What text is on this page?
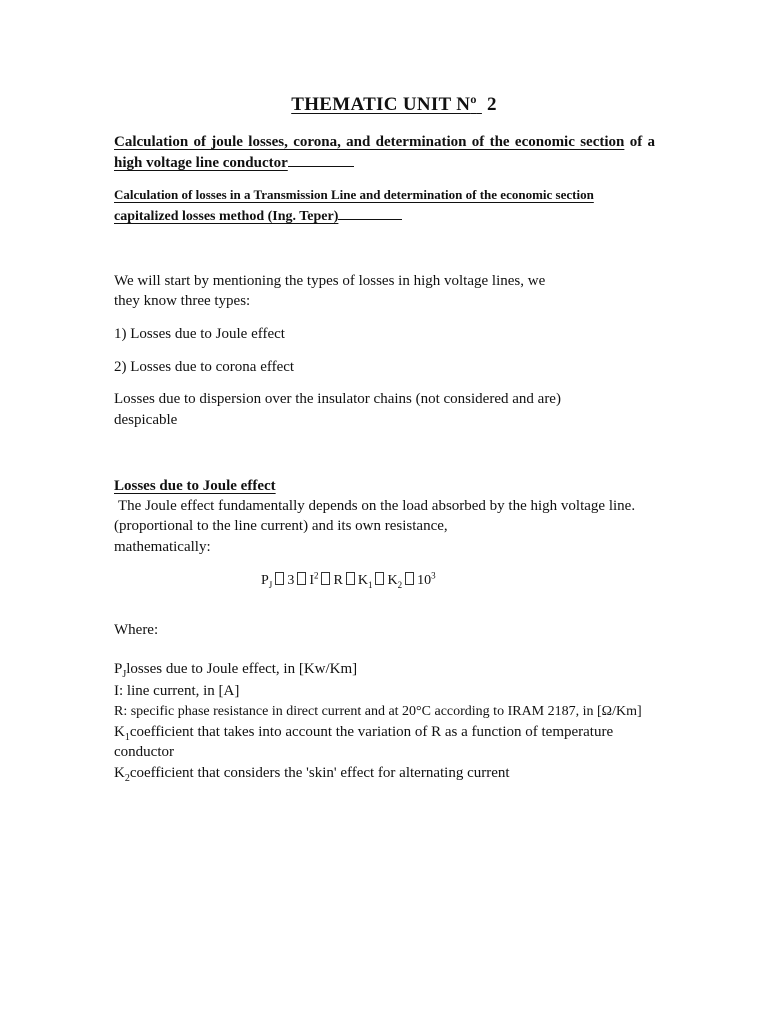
THEMATIC UNIT Nº 2
Calculation of joule losses, corona, and determination of the economic section of a
high voltage line conductor
Calculation of losses in a Transmission Line and determination of the economic section
capitalized losses method (Ing. Teper)
We will start by mentioning the types of losses in high voltage lines, we
they know three types:
1) Losses due to Joule effect
2) Losses due to corona effect
Losses due to dispersion over the insulator chains (not considered and are)
despicable
Losses due to Joule effect
The Joule effect fundamentally depends on the load absorbed by the high voltage line.
(proportional to the line current) and its own resistance,
mathematically:
$P_J$ 3 $I^2$ R $K_1$ $K_2$ $10^3$
Where:
$P_Jlosses$ due to Joule effect, in [Kw/Km]
I: line current, in [A]
R: specific phase resistance in direct current and at 20°C according to IRAM 2187, in [Ω/Km]
$K_1coefficient$ that takes into account the variation of R as a function of temperature
conductor
$K_2coefficient$ that considers the 'skin' effect for alternating current
